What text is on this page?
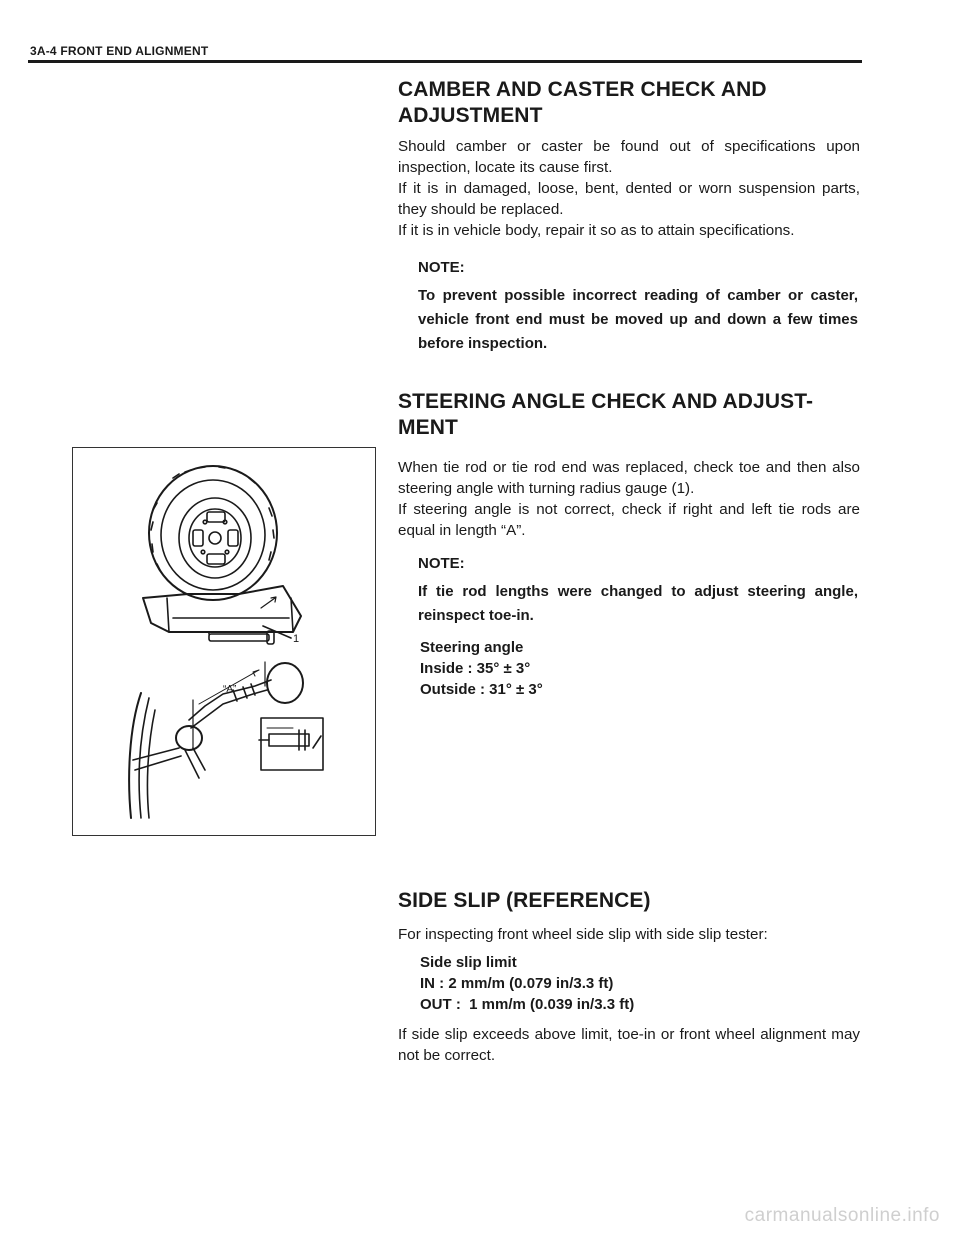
3A-4 FRONT END ALIGNMENT
CAMBER AND CASTER CHECK AND
ADJUSTMENT

Should camber or caster be found out of specifications upon inspection, locate its cause first.

If it is in damaged, loose, bent, dented or worn suspension parts, they should be replaced.

If it is in vehicle body, repair it so as to attain specifications.

NOTE:
To prevent possible incorrect reading of camber or caster, vehicle front end must be moved up and down a few times before inspection.
STEERING ANGLE CHECK AND ADJUST-
MENT

When tie rod or tie rod end was replaced, check toe and then also steering angle with turning radius gauge (1).

If steering angle is not correct, check if right and left tie rods are equal in length “A”.

NOTE:
If tie rod lengths were changed to adjust steering angle, reinspect toe-in.
Steering angle
Inside : 35° ± 3°
Outside : 31° ± 3°
1
“A”
SIDE SLIP (REFERENCE)

For inspecting front wheel side slip with side slip tester:

Side slip limit
IN : 2 mm/m (0.079 in/3.3 ft)
OUT :  1 mm/m (0.039 in/3.3 ft)

If side slip exceeds above limit, toe-in or front wheel alignment may not be correct.

carmanualsonline.info
